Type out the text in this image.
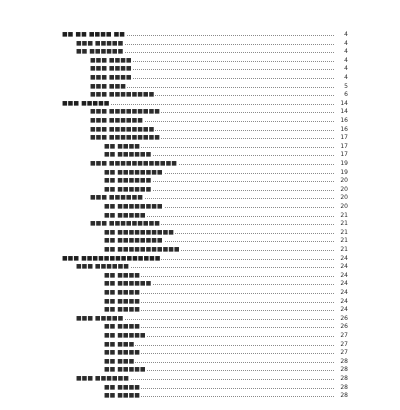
■■ ■■ ■■■■ ■■	4
■■■ ■■■■■	4
■■ ■■■■■■	4
■■■ ■■■■	4
■■■ ■■■■	4
■■■ ■■■■	4
■■■ ■■■	5
■■■ ■■■■■■■■	6
■■■ ■■■■■	14
■■■ ■■■■■■■■■	14
■■■ ■■■■■■	16
■■■ ■■■■■■■■	16
■■■ ■■■■■■■■■	17
■■ ■■■■	17
■■ ■■■■■■	17
■■■ ■■■■■■■■■■■■	19
■■ ■■■■■■■■	19
■■ ■■■■■■	20
■■ ■■■■■■	20
■■■ ■■■■■■	20
■■ ■■■■■■■■	20
■■ ■■■■■	21
■■■ ■■■■■■■■■	21
■■ ■■■■■■■■■■	21
■■ ■■■■■■■■	21
■■ ■■■■■■■■■■■	21
■■■ ■■■■■■■■■■■■■■	24
■■■ ■■■■■■	24
■■ ■■■■	24
■■ ■■■■■■	24
■■ ■■■■	24
■■ ■■■■	24
■■ ■■■■	24
■■■ ■■■■■	26
■■ ■■■■	26
■■ ■■■■■	27
■■ ■■■	27
■■ ■■■■	27
■■ ■■■	28
■■ ■■■■■	28
■■■ ■■■■■■	28
■■ ■■■■	28
■■ ■■■■	28
